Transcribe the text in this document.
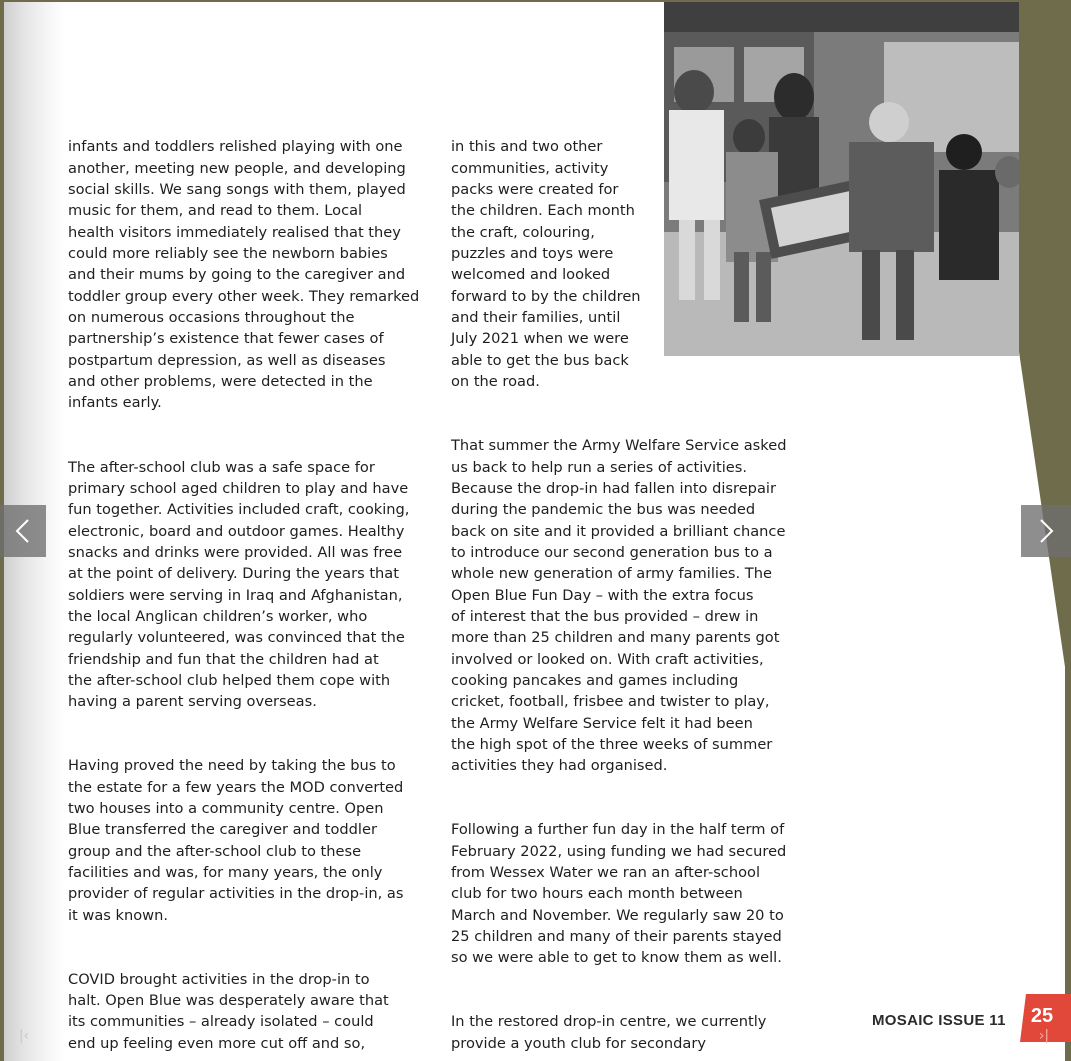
infants and toddlers relished playing with one
another, meeting new people, and developing
social skills. We sang songs with them, played
music for them, and read to them. Local
health visitors immediately realised that they
could more reliably see the newborn babies
and their mums by going to the caregiver and
toddler group every other week. They remarked
on numerous occasions throughout the
partnership’s existence that fewer cases of
postpartum depression, as well as diseases
and other problems, were detected in the
infants early.

The after-school club was a safe space for
primary school aged children to play and have
fun together. Activities included craft, cooking,
electronic, board and outdoor games. Healthy
snacks and drinks were provided. All was free
at the point of delivery. During the years that
soldiers were serving in Iraq and Afghanistan,
the local Anglican children’s worker, who
regularly volunteered, was convinced that the
friendship and fun that the children had at
the after-school club helped them cope with
having a parent serving overseas.

Having proved the need by taking the bus to
the estate for a few years the MOD converted
two houses into a community centre. Open
Blue transferred the caregiver and toddler
group and the after-school club to these
facilities and was, for many years, the only
provider of regular activities in the drop-in, as
it was known.

COVID brought activities in the drop-in to
halt. Open Blue was desperately aware that
its communities – already isolated – could
end up feeling even more cut off and so,

in this and two other
communities, activity
packs were created for
the children. Each month
the craft, colouring,
puzzles and toys were
welcomed and looked
forward to by the children
and their families, until
July 2021 when we were
able to get the bus back
on the road.

That summer the Army Welfare Service asked
us back to help run a series of activities.
Because the drop-in had fallen into disrepair
during the pandemic the bus was needed
back on site and it provided a brilliant chance
to introduce our second generation bus to a
whole new generation of army families. The
Open Blue Fun Day – with the extra focus
of interest that the bus provided – drew in
more than 25 children and many parents got
involved or looked on. With craft activities,
cooking pancakes and games including
cricket, football, frisbee and twister to play,
the Army Welfare Service felt it had been
the high spot of the three weeks of summer
activities they had organised.

Following a further fun day in the half term of
February 2022, using funding we had secured
from Wessex Water we ran an after-school
club for two hours each month between
March and November. We regularly saw 20 to
25 children and many of their parents stayed
so we were able to get to know them as well.

In the restored drop-in centre, we currently
provide a youth club for secondary

MOSAIC ISSUE 11	25
|‹	›|
